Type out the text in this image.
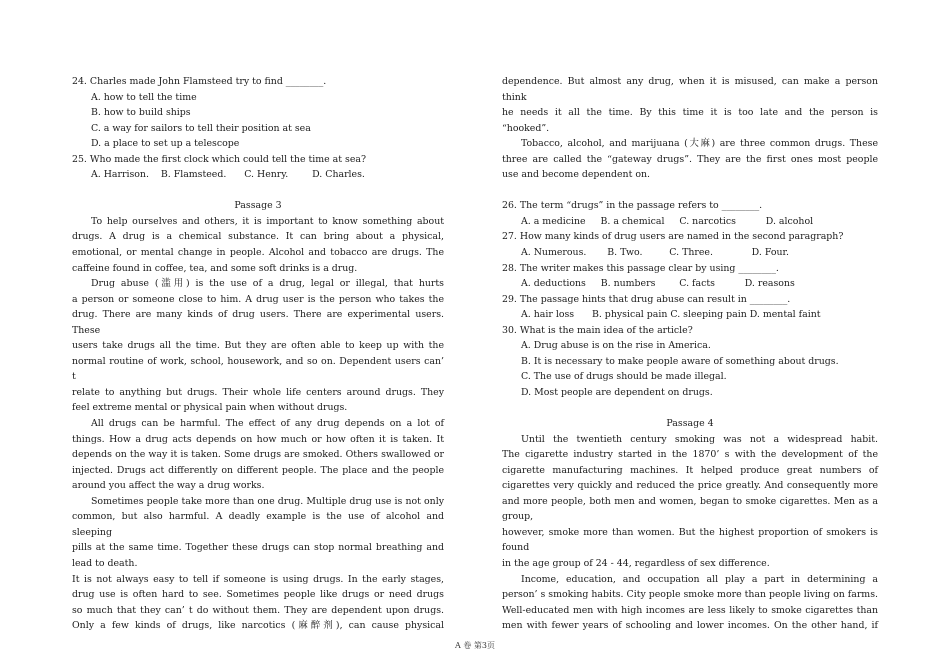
24. Charles made John Flamsteed try to find ________.
A. how to tell the time
B. how to build ships
C. a way for sailors to tell their position at sea
D. a place to set up a telescope
25. Who made the first clock which could tell the time at sea?
A. Harrison.    B. Flamsteed.      C. Henry.        D. Charles.
Passage 3
To help ourselves and others, it is important to know something about
drugs. A drug is a chemical substance. It can bring about a physical,
emotional, or mental change in people. Alcohol and tobacco are drugs. The
caffeine found in coffee, tea, and some soft drinks is a drug.
Drug abuse (滥用) is the use of a drug, legal or illegal, that hurts
a person or someone close to him. A drug user is the person who takes the
drug. There are many kinds of drug users. There are experimental users. These
users take drugs all the time. But they are often able to keep up with the
normal routine of work, school, housework, and so on. Dependent users can’ t
relate to anything but drugs. Their whole life centers around drugs. They
feel extreme mental or physical pain when without drugs.
All drugs can be harmful. The effect of any drug depends on a lot of
things. How a drug acts depends on how much or how often it is taken. It
depends on the way it is taken. Some drugs are smoked. Others swallowed or
injected. Drugs act differently on different people. The place and the people
around you affect the way a drug works.
Sometimes people take more than one drug. Multiple drug use is not only
common, but also harmful. A deadly example is the use of alcohol and sleeping
pills at the same time. Together these drugs can stop normal breathing and
lead to death.
It is not always easy to tell if someone is using drugs. In the early stages,
drug use is often hard to see. Sometimes people like drugs or need drugs
so much that they can’ t do without them. They are dependent upon drugs.
Only a few kinds of drugs, like narcotics (麻醉剂), can cause physical
dependence. But almost any drug, when it is misused, can make a person think
he needs it all the time. By this time it is too late and the person is
“hooked”.
Tobacco, alcohol, and marijuana (大麻) are three common drugs. These
three are called the “gateway drugs”. They are the first ones most people
use and become dependent on.
26. The term “drugs” in the passage refers to ________.
A. a medicine     B. a chemical     C. narcotics          D. alcohol
27. How many kinds of drug users are named in the second paragraph?
A. Numerous.       B. Two.         C. Three.             D. Four.
28. The writer makes this passage clear by using ________.
A. deductions     B. numbers        C. facts          D. reasons
29. The passage hints that drug abuse can result in ________.
A. hair loss      B. physical pain C. sleeping pain D. mental faint
30. What is the main idea of the article?
A. Drug abuse is on the rise in America.
B. It is necessary to make people aware of something about drugs.
C. The use of drugs should be made illegal.
D. Most people are dependent on drugs.
Passage 4
Until the twentieth century smoking was not a widespread habit.
The cigarette industry started in the 1870’ s with the development of the
cigarette manufacturing machines. It helped produce great numbers of
cigarettes very quickly and reduced the price greatly. And consequently more
and more people, both men and women, began to smoke cigarettes. Men as a group,
however, smoke more than women. But the highest proportion of smokers is found
in the age group of 24 - 44, regardless of sex difference.
Income, education, and occupation all play a part in determining a
person’ s smoking habits. City people smoke more than people living on farms.
Well-educated men with high incomes are less likely to smoke cigarettes than
men with fewer years of schooling and lower incomes. On the other hand, if
A 卷 第3页
